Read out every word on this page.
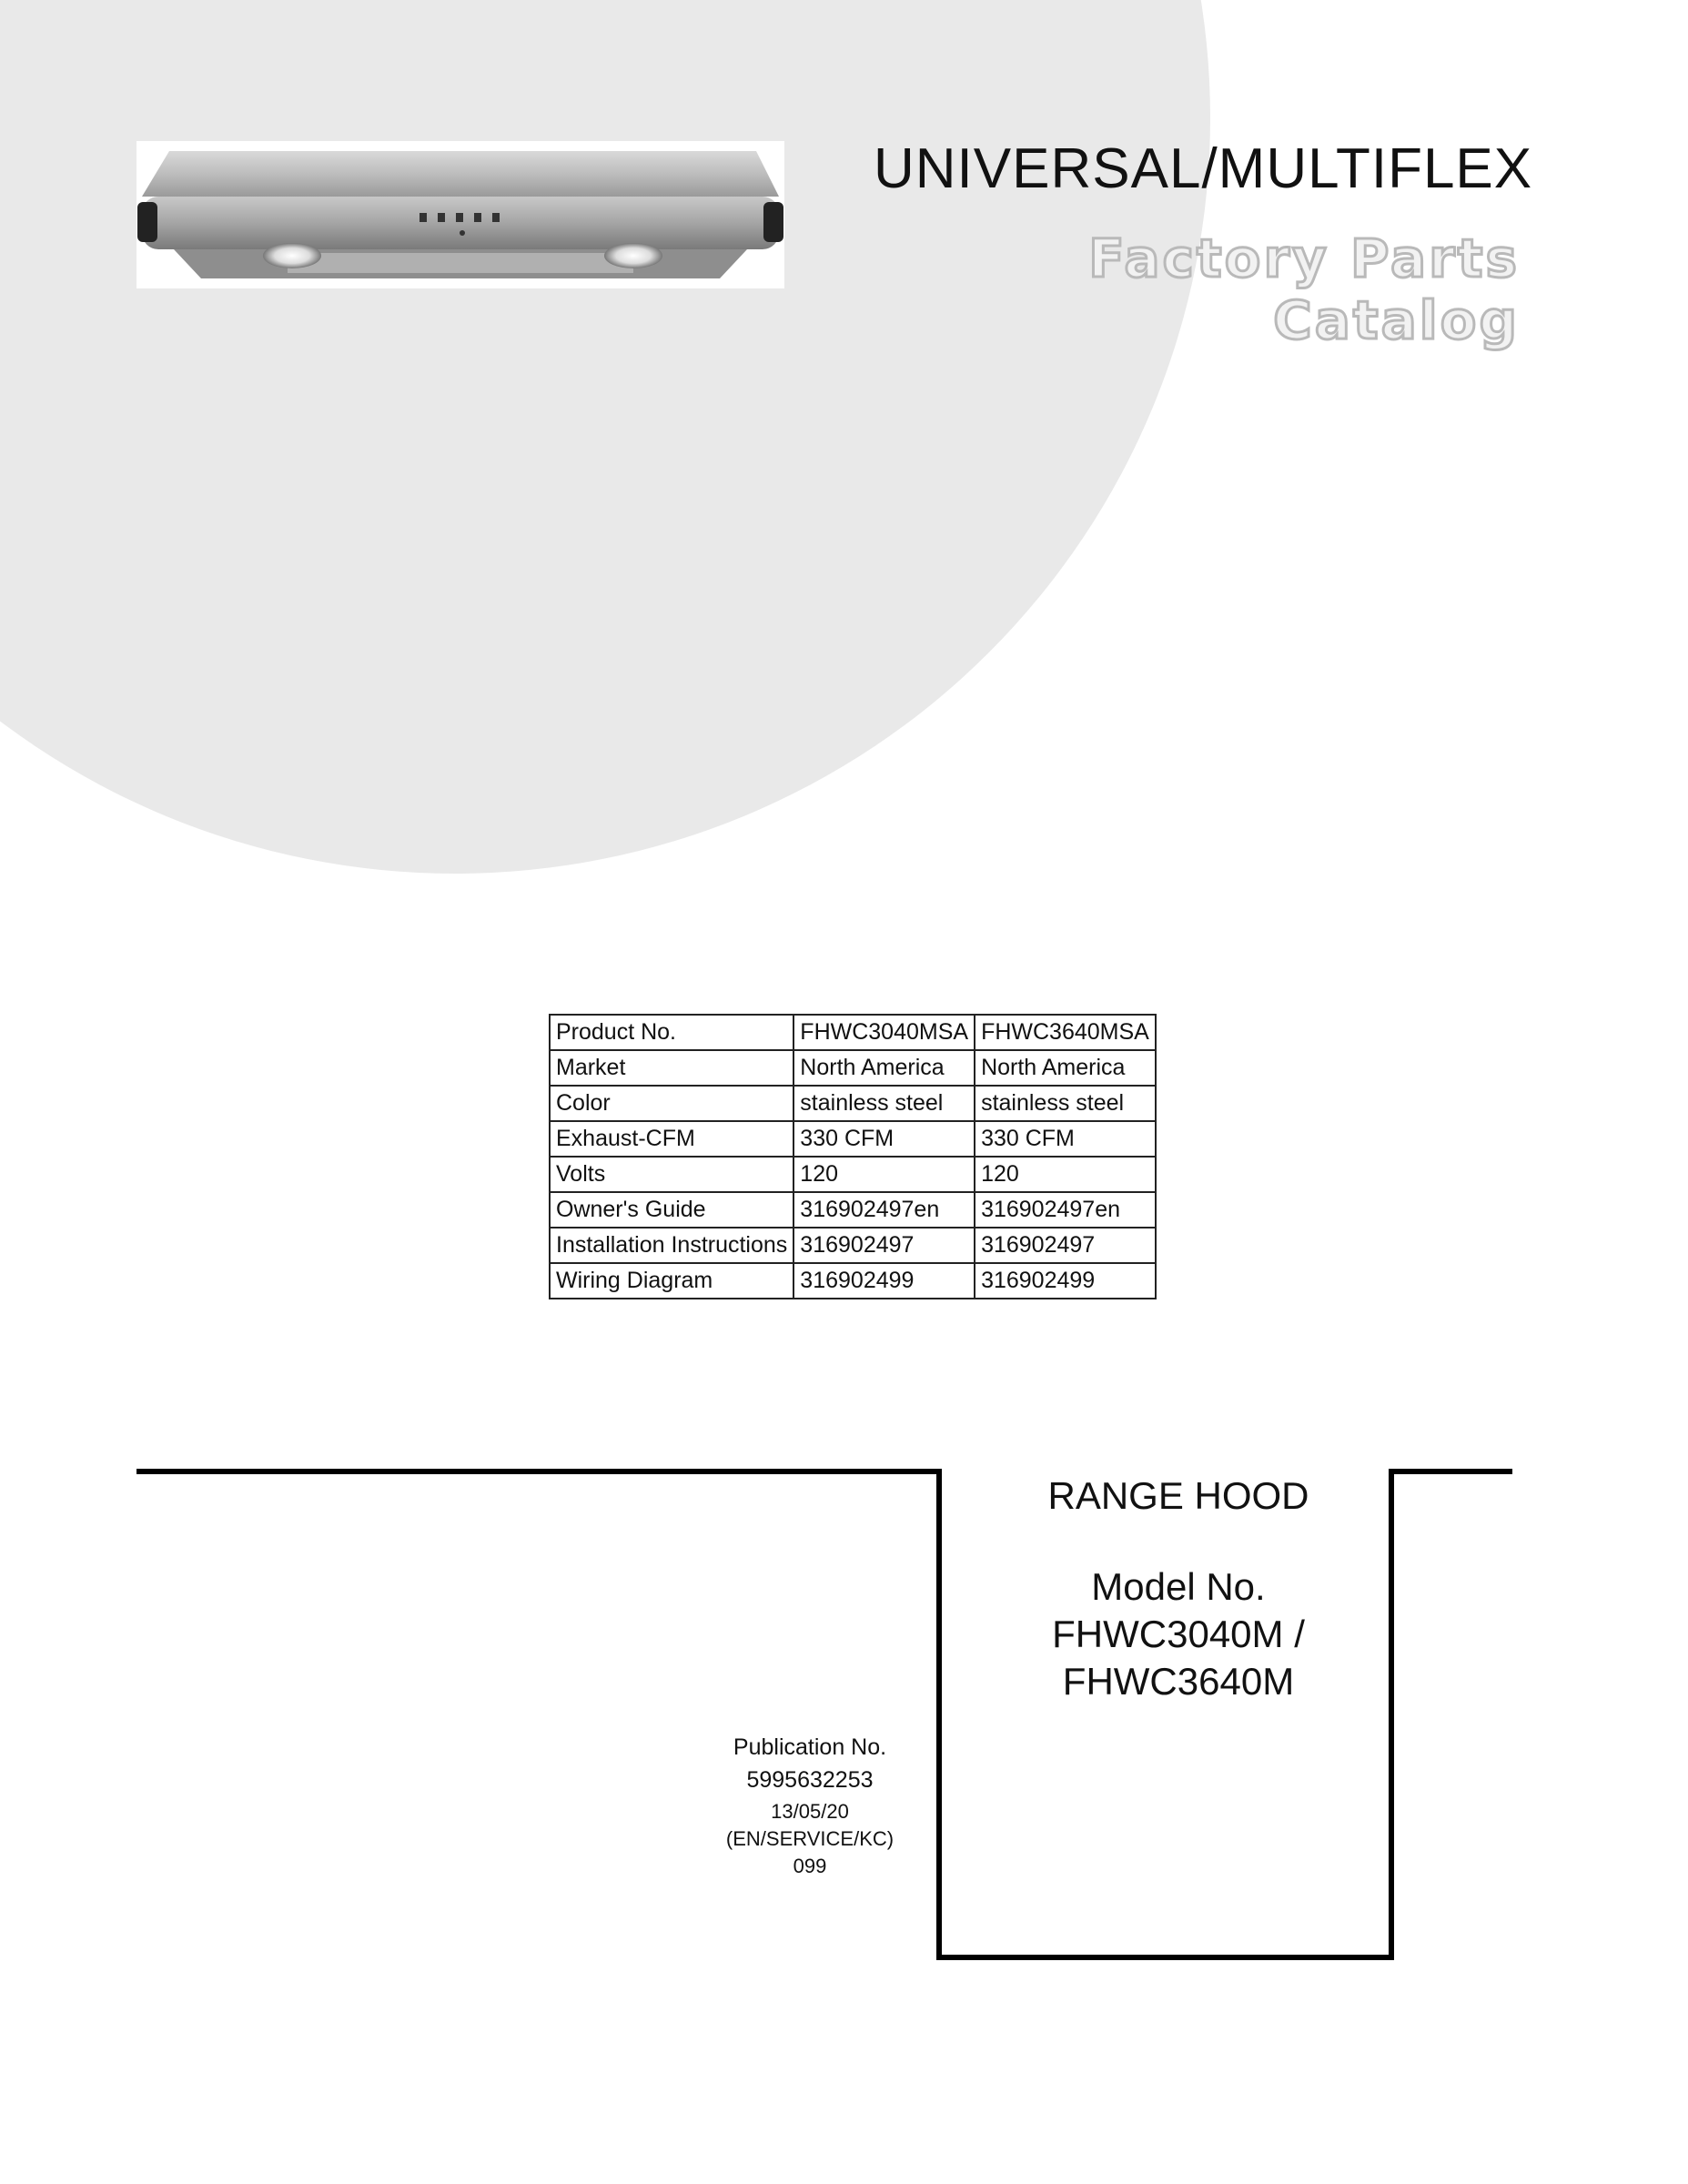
UNIVERSAL/MULTIFLEX
Factory Parts Catalog
Product No.	FHWC3040MSA	FHWC3640MSA
Market	North America	North America
Color	stainless steel	stainless steel
Exhaust-CFM	330 CFM	330 CFM
Volts	120	120
Owner's Guide	316902497en	316902497en
Installation Instructions	316902497	316902497
Wiring Diagram	316902499	316902499
RANGE HOOD
Model No.
FHWC3040M /
FHWC3640M
Publication No.
5995632253
13/05/20
(EN/SERVICE/KC)
099
